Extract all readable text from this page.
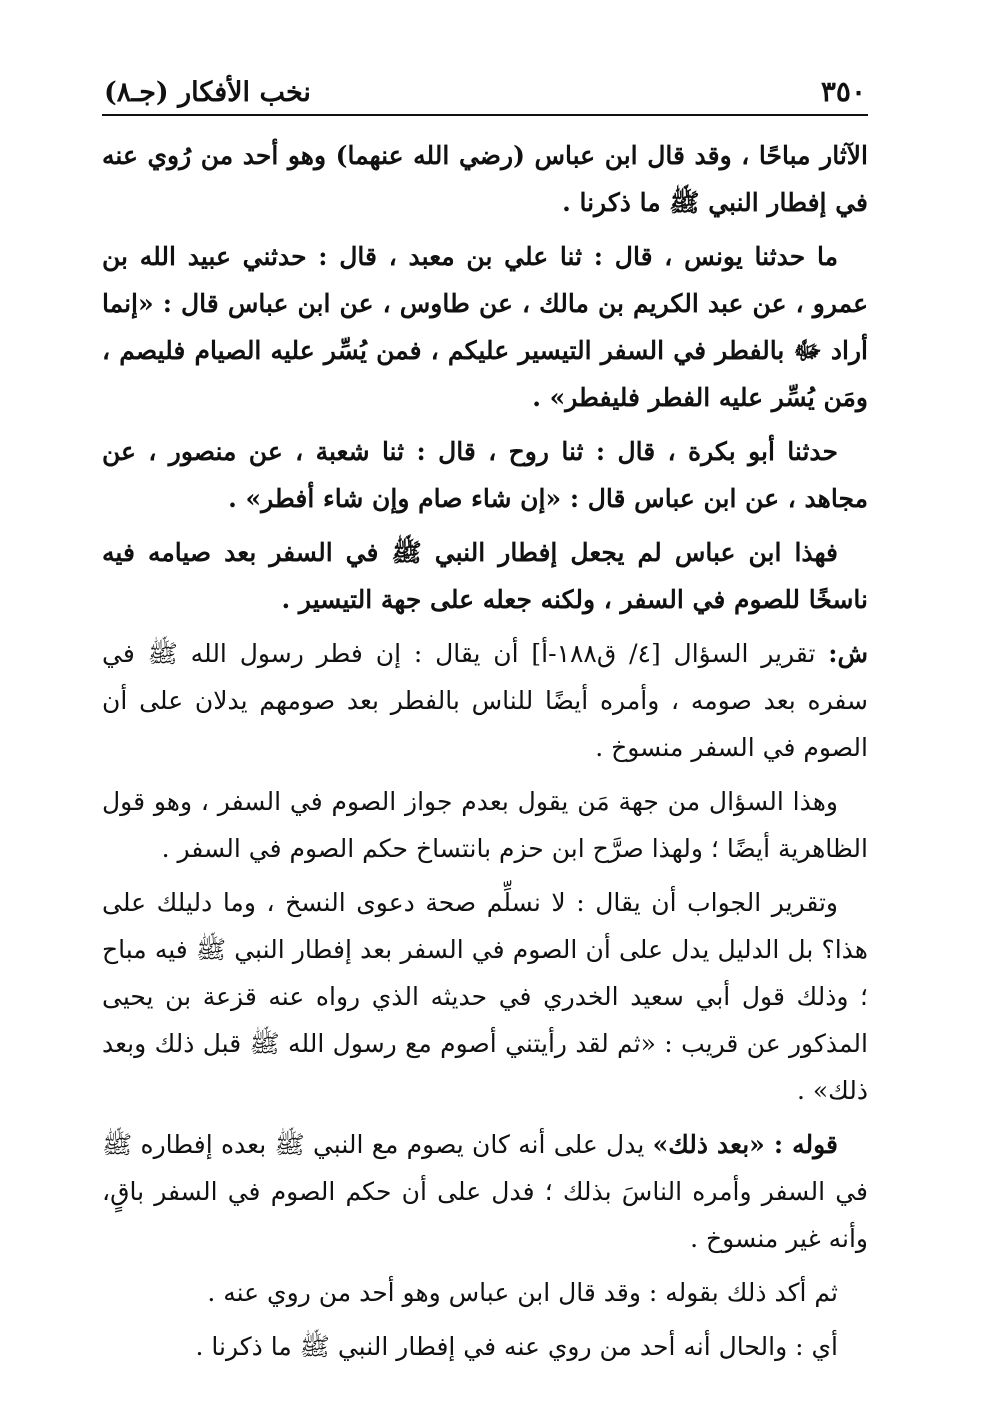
٣٥٠
نخب الأفكار (جـ٨)

الآثار مباحًا ، وقد قال ابن عباس (رضي الله عنهما) وهو أحد من رُوي عنه في إفطار النبي ﷺ ما ذكرنا .

ما حدثنا يونس ، قال : ثنا علي بن معبد ، قال : حدثني عبيد الله بن عمرو ، عن عبد الكريم بن مالك ، عن طاوس ، عن ابن عباس قال : «إنما أراد ﷻ بالفطر في السفر التيسير عليكم ، فمن يُسِّر عليه الصيام فليصم ، ومَن يُسِّر عليه الفطر فليفطر» .

حدثنا أبو بكرة ، قال : ثنا روح ، قال : ثنا شعبة ، عن منصور ، عن مجاهد ، عن ابن عباس قال : «إن شاء صام وإن شاء أفطر» .

فهذا ابن عباس لم يجعل إفطار النبي ﷺ في السفر بعد صيامه فيه ناسخًا للصوم في السفر ، ولكنه جعله على جهة التيسير .

ش: تقرير السؤال [٤/ ق١٨٨-أ] أن يقال : إن فطر رسول الله ﷺ في سفره بعد صومه ، وأمره أيضًا للناس بالفطر بعد صومهم يدلان على أن الصوم في السفر منسوخ .

وهذا السؤال من جهة مَن يقول بعدم جواز الصوم في السفر ، وهو قول الظاهرية أيضًا ؛ ولهذا صرَّح ابن حزم بانتساخ حكم الصوم في السفر .

وتقرير الجواب أن يقال : لا نسلِّم صحة دعوى النسخ ، وما دليلك على هذا؟ بل الدليل يدل على أن الصوم في السفر بعد إفطار النبي ﷺ فيه مباح ؛ وذلك قول أبي سعيد الخدري في حديثه الذي رواه عنه قزعة بن يحيى المذكور عن قريب : «ثم لقد رأيتني أصوم مع رسول الله ﷺ قبل ذلك وبعد ذلك» .

قوله : «بعد ذلك» يدل على أنه كان يصوم مع النبي ﷺ بعده إفطاره ﷺ في السفر وأمره الناسَ بذلك ؛ فدل على أن حكم الصوم في السفر باقٍ، وأنه غير منسوخ .

ثم أكد ذلك بقوله : وقد قال ابن عباس وهو أحد من روي عنه .

أي : والحال أنه أحد من روي عنه في إفطار النبي ﷺ ما ذكرنا .
